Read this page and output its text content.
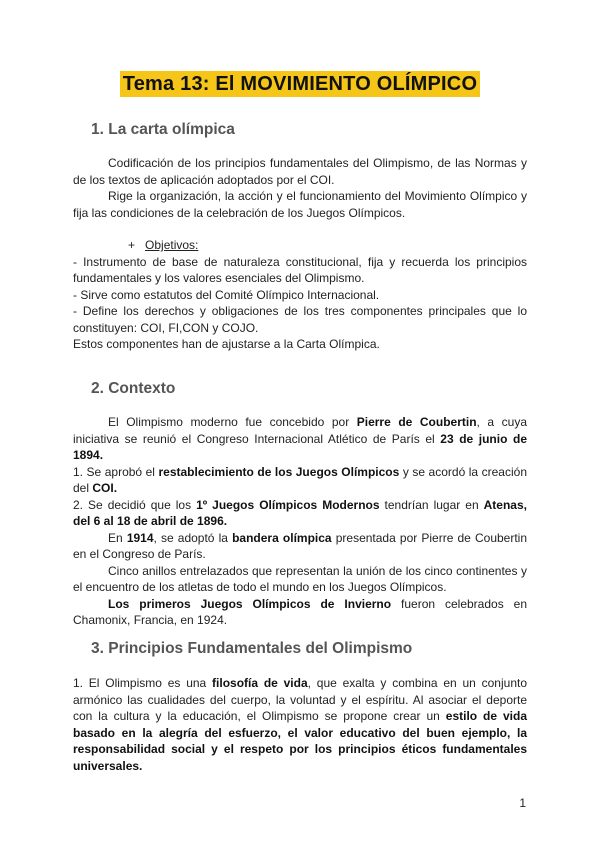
Tema 13: El MOVIMIENTO OLÍMPICO
1. La carta olímpica

Codificación de los principios fundamentales del Olimpismo, de las Normas y de los textos de aplicación adoptados por el COI.

Rige la organización, la acción y el funcionamiento del Movimiento Olímpico y fija las condiciones de la celebración de los Juegos Olímpicos.

+ Objetivos:

- Instrumento de base de naturaleza constitucional, fija y recuerda los principios fundamentales y los valores esenciales del Olimpismo.

- Sirve como estatutos del Comité Olímpico Internacional.

- Define los derechos y obligaciones de los tres componentes principales que lo constituyen: COI, FI,CON y COJO.

Estos componentes han de ajustarse a la Carta Olímpica.

2. Contexto

El Olimpismo moderno fue concebido por Pierre de Coubertin, a cuya iniciativa se reunió el Congreso Internacional Atlético de París el 23 de junio de 1894.

1. Se aprobó el restablecimiento de los Juegos Olímpicos y se acordó la creación del COI.

2. Se decidió que los 1º Juegos Olímpicos Modernos tendrían lugar en Atenas, del 6 al 18 de abril de 1896.

En 1914, se adoptó la bandera olímpica presentada por Pierre de Coubertin en el Congreso de París.

Cinco anillos entrelazados que representan la unión de los cinco continentes y el encuentro de los atletas de todo el mundo en los Juegos Olímpicos.

Los primeros Juegos Olímpicos de Invierno fueron celebrados en Chamonix, Francia, en 1924.

3. Principios Fundamentales del Olimpismo

1. El Olimpismo es una filosofía de vida, que exalta y combina en un conjunto armónico las cualidades del cuerpo, la voluntad y el espíritu. Al asociar el deporte con la cultura y la educación, el Olimpismo se propone crear un estilo de vida basado en la alegría del esfuerzo, el valor educativo del buen ejemplo, la responsabilidad social y el respeto por los principios éticos fundamentales universales.

1
